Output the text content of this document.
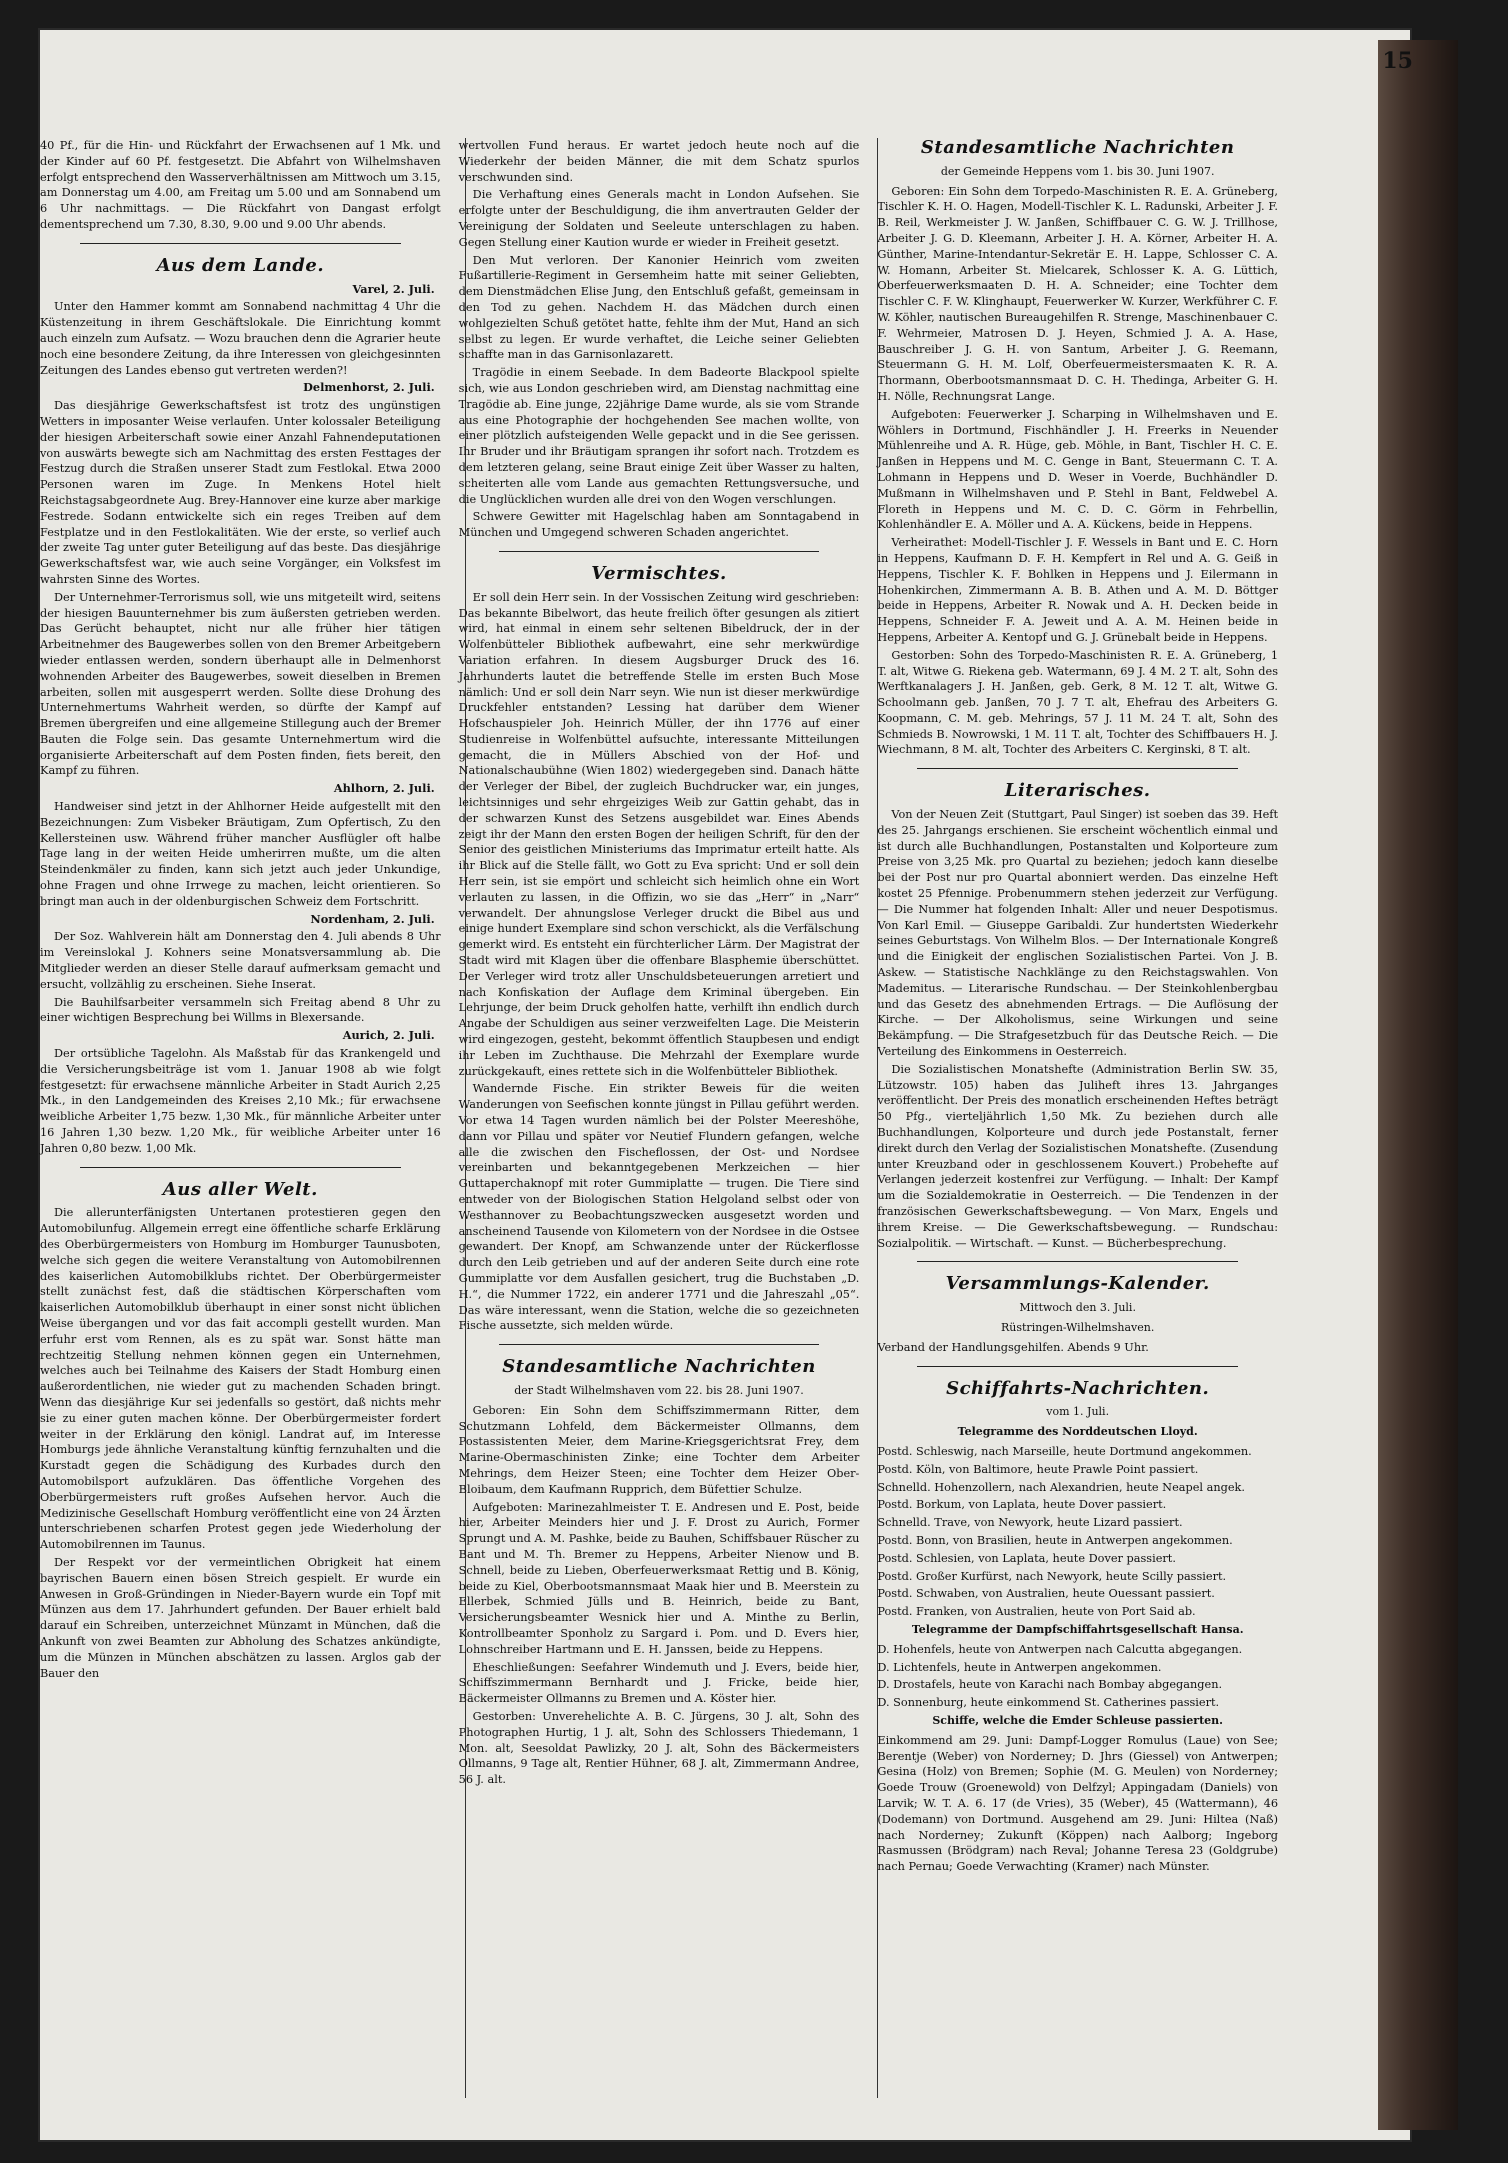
15

40 Pf., für die Hin- und Rückfahrt der Erwachsenen auf 1 Mk. und der Kinder auf 60 Pf. festgesetzt. Die Abfahrt von Wilhelmshaven erfolgt entsprechend den Wasserverhältnissen am Mittwoch um 3.15, am Donnerstag um 4.00, am Freitag um 5.00 und am Sonnabend um 6 Uhr nachmittags. — Die Rückfahrt von Dangast erfolgt dementsprechend um 7.30, 8.30, 9.00 und 9.00 Uhr abends.

Aus dem Lande.
Varel, 2. Juli.

Unter den Hammer kommt am Sonnabend nachmittag 4 Uhr die Küstenzeitung in ihrem Geschäftslokale. Die Einrichtung kommt auch einzeln zum Aufsatz. — Wozu brauchen denn die Agrarier heute noch eine besondere Zeitung, da ihre Interessen von gleichgesinnten Zeitungen des Landes ebenso gut vertreten werden?!

Delmenhorst, 2. Juli.

Das diesjährige Gewerkschaftsfest ist trotz des ungünstigen Wetters in imposanter Weise verlaufen. Unter kolossaler Beteiligung der hiesigen Arbeiterschaft sowie einer Anzahl Fahnendeputationen von auswärts bewegte sich am Nachmittag des ersten Festtages der Festzug durch die Straßen unserer Stadt zum Festlokal. Etwa 2000 Personen waren im Zuge. In Menkens Hotel hielt Reichstagsabgeordnete Aug. Brey-Hannover eine kurze aber markige Festrede. Sodann entwickelte sich ein reges Treiben auf dem Festplatze und in den Festlokalitäten. Wie der erste, so verlief auch der zweite Tag unter guter Beteiligung auf das beste. Das diesjährige Gewerkschaftsfest war, wie auch seine Vorgänger, ein Volksfest im wahrsten Sinne des Wortes.

Der Unternehmer-Terrorismus soll, wie uns mitgeteilt wird, seitens der hiesigen Bauunternehmer bis zum äußersten getrieben werden. Das Gerücht behauptet, nicht nur alle früher hier tätigen Arbeitnehmer des Baugewerbes sollen von den Bremer Arbeitgebern wieder entlassen werden, sondern überhaupt alle in Delmenhorst wohnenden Arbeiter des Baugewerbes, soweit dieselben in Bremen arbeiten, sollen mit ausgesperrt werden. Sollte diese Drohung des Unternehmertums Wahrheit werden, so dürfte der Kampf auf Bremen übergreifen und eine allgemeine Stillegung auch der Bremer Bauten die Folge sein. Das gesamte Unternehmertum wird die organisierte Arbeiterschaft auf dem Posten finden, fiets bereit, den Kampf zu führen.

Ahlhorn, 2. Juli.

Handweiser sind jetzt in der Ahlhorner Heide aufgestellt mit den Bezeichnungen: Zum Visbeker Bräutigam, Zum Opfertisch, Zu den Kellersteinen usw. Während früher mancher Ausflügler oft halbe Tage lang in der weiten Heide umherirren mußte, um die alten Steindenkmäler zu finden, kann sich jetzt auch jeder Unkundige, ohne Fragen und ohne Irrwege zu machen, leicht orientieren. So bringt man auch in der oldenburgischen Schweiz dem Fortschritt.

Nordenham, 2. Juli.

Der Soz. Wahlverein hält am Donnerstag den 4. Juli abends 8 Uhr im Vereinslokal J. Kohners seine Monatsversammlung ab. Die Mitglieder werden an dieser Stelle darauf aufmerksam gemacht und ersucht, vollzählig zu erscheinen. Siehe Inserat.

Die Bauhilfsarbeiter versammeln sich Freitag abend 8 Uhr zu einer wichtigen Besprechung bei Willms in Blexersande.

Aurich, 2. Juli.

Der ortsübliche Tagelohn. Als Maßstab für das Krankengeld und die Versicherungsbeiträge ist vom 1. Januar 1908 ab wie folgt festgesetzt: für erwachsene männliche Arbeiter in Stadt Aurich 2,25 Mk., in den Landgemeinden des Kreises 2,10 Mk.; für erwachsene weibliche Arbeiter 1,75 bezw. 1,30 Mk., für männliche Arbeiter unter 16 Jahren 1,30 bezw. 1,20 Mk., für weibliche Arbeiter unter 16 Jahren 0,80 bezw. 1,00 Mk.

Aus aller Welt.

Die allerunterfänigsten Untertanen protestieren gegen den Automobilunfug. Allgemein erregt eine öffentliche scharfe Erklärung des Oberbürgermeisters von Homburg im Homburger Taunusboten, welche sich gegen die weitere Veranstaltung von Automobilrennen des kaiserlichen Automobilklubs richtet. Der Oberbürgermeister stellt zunächst fest, daß die städtischen Körperschaften vom kaiserlichen Automobilklub überhaupt in einer sonst nicht üblichen Weise übergangen und vor das fait accompli gestellt wurden. Man erfuhr erst vom Rennen, als es zu spät war. Sonst hätte man rechtzeitig Stellung nehmen können gegen ein Unternehmen, welches auch bei Teilnahme des Kaisers der Stadt Homburg einen außerordentlichen, nie wieder gut zu machenden Schaden bringt. Wenn das diesjährige Kur sei jedenfalls so gestört, daß nichts mehr sie zu einer guten machen könne. Der Oberbürgermeister fordert weiter in der Erklärung den königl. Landrat auf, im Interesse Homburgs jede ähnliche Veranstaltung künftig fernzuhalten und die Kurstadt gegen die Schädigung des Kurbades durch den Automobilsport aufzuklären. Das öffentliche Vorgehen des Oberbürgermeisters ruft großes Aufsehen hervor. Auch die Medizinische Gesellschaft Homburg veröffentlicht eine von 24 Ärzten unterschriebenen scharfen Protest gegen jede Wiederholung der Automobilrennen im Taunus.

Der Respekt vor der vermeintlichen Obrigkeit hat einem bayrischen Bauern einen bösen Streich gespielt. Er wurde ein Anwesen in Groß-Gründingen in Nieder-Bayern wurde ein Topf mit Münzen aus dem 17. Jahrhundert gefunden. Der Bauer erhielt bald darauf ein Schreiben, unterzeichnet Münzamt in München, daß die Ankunft von zwei Beamten zur Abholung des Schatzes ankündigte, um die Münzen in München abschätzen zu lassen. Arglos gab der Bauer den

wertvollen Fund heraus. Er wartet jedoch heute noch auf die Wiederkehr der beiden Männer, die mit dem Schatz spurlos verschwunden sind.

Die Verhaftung eines Generals macht in London Aufsehen. Sie erfolgte unter der Beschuldigung, die ihm anvertrauten Gelder der Vereinigung der Soldaten und Seeleute unterschlagen zu haben. Gegen Stellung einer Kaution wurde er wieder in Freiheit gesetzt.

Den Mut verloren. Der Kanonier Heinrich vom zweiten Fußartillerie-Regiment in Gersemheim hatte mit seiner Geliebten, dem Dienstmädchen Elise Jung, den Entschluß gefaßt, gemeinsam in den Tod zu gehen. Nachdem H. das Mädchen durch einen wohlgezielten Schuß getötet hatte, fehlte ihm der Mut, Hand an sich selbst zu legen. Er wurde verhaftet, die Leiche seiner Geliebten schaffte man in das Garnisonlazarett.

Tragödie in einem Seebade. In dem Badeorte Blackpool spielte sich, wie aus London geschrieben wird, am Dienstag nachmittag eine Tragödie ab. Eine junge, 22jährige Dame wurde, als sie vom Strande aus eine Photographie der hochgehenden See machen wollte, von einer plötzlich aufsteigenden Welle gepackt und in die See gerissen. Ihr Bruder und ihr Bräutigam sprangen ihr sofort nach. Trotzdem es dem letzteren gelang, seine Braut einige Zeit über Wasser zu halten, scheiterten alle vom Lande aus gemachten Rettungsversuche, und die Unglücklichen wurden alle drei von den Wogen verschlungen.

Schwere Gewitter mit Hagelschlag haben am Sonntagabend in München und Umgegend schweren Schaden angerichtet.

Vermischtes.

Er soll dein Herr sein. In der Vossischen Zeitung wird geschrieben: Das bekannte Bibelwort, das heute freilich öfter gesungen als zitiert wird, hat einmal in einem sehr seltenen Bibeldruck, der in der Wolfenbütteler Bibliothek aufbewahrt, eine sehr merkwürdige Variation erfahren. In diesem Augsburger Druck des 16. Jahrhunderts lautet die betreffende Stelle im ersten Buch Mose nämlich: Und er soll dein Narr seyn. Wie nun ist dieser merkwürdige Druckfehler entstanden? Lessing hat darüber dem Wiener Hofschauspieler Joh. Heinrich Müller, der ihn 1776 auf einer Studienreise in Wolfenbüttel aufsuchte, interessante Mitteilungen gemacht, die in Müllers Abschied von der Hof- und Nationalschaubühne (Wien 1802) wiedergegeben sind. Danach hätte der Verleger der Bibel, der zugleich Buchdrucker war, ein junges, leichtsinniges und sehr ehrgeiziges Weib zur Gattin gehabt, das in der schwarzen Kunst des Setzens ausgebildet war. Eines Abends zeigt ihr der Mann den ersten Bogen der heiligen Schrift, für den der Senior des geistlichen Ministeriums das Imprimatur erteilt hatte. Als ihr Blick auf die Stelle fällt, wo Gott zu Eva spricht: Und er soll dein Herr sein, ist sie empört und schleicht sich heimlich ohne ein Wort verlauten zu lassen, in die Offizin, wo sie das „Herr“ in „Narr“ verwandelt. Der ahnungslose Verleger druckt die Bibel aus und einige hundert Exemplare sind schon verschickt, als die Verfälschung gemerkt wird. Es entsteht ein fürchterlicher Lärm. Der Magistrat der Stadt wird mit Klagen über die offenbare Blasphemie überschüttet. Der Verleger wird trotz aller Unschuldsbeteuerungen arretiert und nach Konfiskation der Auflage dem Kriminal übergeben. Ein Lehrjunge, der beim Druck geholfen hatte, verhilft ihn endlich durch Angabe der Schuldigen aus seiner verzweifelten Lage. Die Meisterin wird eingezogen, gesteht, bekommt öffentlich Staupbesen und endigt ihr Leben im Zuchthause. Die Mehrzahl der Exemplare wurde zurückgekauft, eines rettete sich in die Wolfenbütteler Bibliothek.

Wandernde Fische. Ein strikter Beweis für die weiten Wanderungen von Seefischen konnte jüngst in Pillau geführt werden. Vor etwa 14 Tagen wurden nämlich bei der Polster Meereshöhe, dann vor Pillau und später vor Neutief Flundern gefangen, welche alle die zwischen den Fischeflossen, der Ost- und Nordsee vereinbarten und bekanntgegebenen Merkzeichen — hier Guttaperchaknopf mit roter Gummiplatte — trugen. Die Tiere sind entweder von der Biologischen Station Helgoland selbst oder von Westhannover zu Beobachtungszwecken ausgesetzt worden und anscheinend Tausende von Kilometern von der Nordsee in die Ostsee gewandert. Der Knopf, am Schwanzende unter der Rückerflosse durch den Leib getrieben und auf der anderen Seite durch eine rote Gummiplatte vor dem Ausfallen gesichert, trug die Buchstaben „D. H.“, die Nummer 1722, ein anderer 1771 und die Jahreszahl „05“. Das wäre interessant, wenn die Station, welche die so gezeichneten Fische aussetzte, sich melden würde.

Standesamtliche Nachrichten
der Stadt Wilhelmshaven vom 22. bis 28. Juni 1907.

Geboren: Ein Sohn dem Schiffszimmermann Ritter, dem Schutzmann Lohfeld, dem Bäckermeister Ollmanns, dem Postassistenten Meier, dem Marine-Kriegsgerichtsrat Frey, dem Marine-Obermaschinisten Zinke; eine Tochter dem Arbeiter Mehrings, dem Heizer Steen; eine Tochter dem Heizer Ober-Bloibaum, dem Kaufmann Rupprich, dem Büfettier Schulze.

Aufgeboten: Marinezahlmeister T. E. Andresen und E. Post, beide hier, Arbeiter Meinders hier und J. F. Drost zu Aurich, Former Sprungt und A. M. Pashke, beide zu Bauhen, Schiffsbauer Rüscher zu Bant und M. Th. Bremer zu Heppens, Arbeiter Nienow und B. Schnell, beide zu Lieben, Oberfeuerwerksmaat Rettig und B. König, beide zu Kiel, Oberbootsmannsmaat Maak hier und B. Meerstein zu Ellerbek, Schmied Jülls und B. Heinrich, beide zu Bant, Versicherungsbeamter Wesnick hier und A. Minthe zu Berlin, Kontrollbeamter Sponholz zu Sargard i. Pom. und D. Evers hier, Lohnschreiber Hartmann und E. H. Janssen, beide zu Heppens.

Eheschließungen: Seefahrer Windemuth und J. Evers, beide hier, Schiffszimmermann Bernhardt und J. Fricke, beide hier, Bäckermeister Ollmanns zu Bremen und A. Köster hier.

Gestorben: Unverehelichte A. B. C. Jürgens, 30 J. alt, Sohn des Photographen Hurtig, 1 J. alt, Sohn des Schlossers Thiedemann, 1 Mon. alt, Seesoldat Pawlizky, 20 J. alt, Sohn des Bäckermeisters Ollmanns, 9 Tage alt, Rentier Hühner, 68 J. alt, Zimmermann Andree, 56 J. alt.

Standesamtliche Nachrichten
der Gemeinde Heppens vom 1. bis 30. Juni 1907.

Geboren: Ein Sohn dem Torpedo-Maschinisten R. E. A. Grüneberg, Tischler K. H. O. Hagen, Modell-Tischler K. L. Radunski, Arbeiter J. F. B. Reil, Werkmeister J. W. Janßen, Schiffbauer C. G. W. J. Trillhose, Arbeiter J. G. D. Kleemann, Arbeiter J. H. A. Körner, Arbeiter H. A. Günther, Marine-Intendantur-Sekretär E. H. Lappe, Schlosser C. A. W. Homann, Arbeiter St. Mielcarek, Schlosser K. A. G. Lüttich, Oberfeuerwerksmaaten D. H. A. Schneider; eine Tochter dem Tischler C. F. W. Klinghaupt, Feuerwerker W. Kurzer, Werkführer C. F. W. Köhler, nautischen Bureaugehilfen R. Strenge, Maschinenbauer C. F. Wehrmeier, Matrosen D. J. Heyen, Schmied J. A. A. Hase, Bauschreiber J. G. H. von Santum, Arbeiter J. G. Reemann, Steuermann G. H. M. Lolf, Oberfeuermeistersmaaten K. R. A. Thormann, Oberbootsmannsmaat D. C. H. Thedinga, Arbeiter G. H. H. Nölle, Rechnungsrat Lange.

Aufgeboten: Feuerwerker J. Scharping in Wilhelmshaven und E. Wöhlers in Dortmund, Fischhändler J. H. Freerks in Neuender Mühlenreihe und A. R. Hüge, geb. Möhle, in Bant, Tischler H. C. E. Janßen in Heppens und M. C. Genge in Bant, Steuermann C. T. A. Lohmann in Heppens und D. Weser in Voerde, Buchhändler D. Mußmann in Wilhelmshaven und P. Stehl in Bant, Feldwebel A. Floreth in Heppens und M. C. D. C. Görm in Fehrbellin, Kohlenhändler E. A. Möller und A. A. Kückens, beide in Heppens.

Verheirathet: Modell-Tischler J. F. Wessels in Bant und E. C. Horn in Heppens, Kaufmann D. F. H. Kempfert in Rel und A. G. Geiß in Heppens, Tischler K. F. Bohlken in Heppens und J. Eilermann in Hohenkirchen, Zimmermann A. B. B. Athen und A. M. D. Böttger beide in Heppens, Arbeiter R. Nowak und A. H. Decken beide in Heppens, Schneider F. A. Jeweit und A. A. M. Heinen beide in Heppens, Arbeiter A. Kentopf und G. J. Grünebalt beide in Heppens.

Gestorben: Sohn des Torpedo-Maschinisten R. E. A. Grüneberg, 1 T. alt, Witwe G. Riekena geb. Watermann, 69 J. 4 M. 2 T. alt, Sohn des Werftkanalagers J. H. Janßen, geb. Gerk, 8 M. 12 T. alt, Witwe G. Schoolmann geb. Janßen, 70 J. 7 T. alt, Ehefrau des Arbeiters G. Koopmann, C. M. geb. Mehrings, 57 J. 11 M. 24 T. alt, Sohn des Schmieds B. Nowrowski, 1 M. 11 T. alt, Tochter des Schiffbauers H. J. Wiechmann, 8 M. alt, Tochter des Arbeiters C. Kerginski, 8 T. alt.

Literarisches.

Von der Neuen Zeit (Stuttgart, Paul Singer) ist soeben das 39. Heft des 25. Jahrgangs erschienen. Sie erscheint wöchentlich einmal und ist durch alle Buchhandlungen, Postanstalten und Kolporteure zum Preise von 3,25 Mk. pro Quartal zu beziehen; jedoch kann dieselbe bei der Post nur pro Quartal abonniert werden. Das einzelne Heft kostet 25 Pfennige. Probenummern stehen jederzeit zur Verfügung. — Die Nummer hat folgenden Inhalt: Aller und neuer Despotismus. Von Karl Emil. — Giuseppe Garibaldi. Zur hundertsten Wiederkehr seines Geburtstags. Von Wilhelm Blos. — Der Internationale Kongreß und die Einigkeit der englischen Sozialistischen Partei. Von J. B. Askew. — Statistische Nachklänge zu den Reichstagswahlen. Von Mademitus. — Literarische Rundschau. — Der Steinkohlenbergbau und das Gesetz des abnehmenden Ertrags. — Die Auflösung der Kirche. — Der Alkoholismus, seine Wirkungen und seine Bekämpfung. — Die Strafgesetzbuch für das Deutsche Reich. — Die Verteilung des Einkommens in Oesterreich.

Die Sozialistischen Monatshefte (Administration Berlin SW. 35, Lützowstr. 105) haben das Juliheft ihres 13. Jahrganges veröffentlicht. Der Preis des monatlich erscheinenden Heftes beträgt 50 Pfg., vierteljährlich 1,50 Mk. Zu beziehen durch alle Buchhandlungen, Kolporteure und durch jede Postanstalt, ferner direkt durch den Verlag der Sozialistischen Monatshefte. (Zusendung unter Kreuzband oder in geschlossenem Kouvert.) Probehefte auf Verlangen jederzeit kostenfrei zur Verfügung. — Inhalt: Der Kampf um die Sozialdemokratie in Oesterreich. — Die Tendenzen in der französischen Gewerkschaftsbewegung. — Von Marx, Engels und ihrem Kreise. — Die Gewerkschaftsbewegung. — Rundschau: Sozialpolitik. — Wirtschaft. — Kunst. — Bücherbesprechung.

Versammlungs-Kalender.
Mittwoch den 3. Juli.
Rüstringen-Wilhelmshaven.

Verband der Handlungsgehilfen. Abends 9 Uhr.

Schiffahrts-Nachrichten.
vom 1. Juli.
Telegramme des Norddeutschen Lloyd.

Postd. Schleswig, nach Marseille, heute Dortmund angekommen.

Postd. Köln, von Baltimore, heute Prawle Point passiert.

Schnelld. Hohenzollern, nach Alexandrien, heute Neapel angek.

Postd. Borkum, von Laplata, heute Dover passiert.

Schnelld. Trave, von Newyork, heute Lizard passiert.

Postd. Bonn, von Brasilien, heute in Antwerpen angekommen.

Postd. Schlesien, von Laplata, heute Dover passiert.

Postd. Großer Kurfürst, nach Newyork, heute Scilly passiert.

Postd. Schwaben, von Australien, heute Ouessant passiert.

Postd. Franken, von Australien, heute von Port Said ab.

Telegramme der Dampfschiffahrtsgesellschaft Hansa.

D. Hohenfels, heute von Antwerpen nach Calcutta abgegangen.

D. Lichtenfels, heute in Antwerpen angekommen.

D. Drostafels, heute von Karachi nach Bombay abgegangen.

D. Sonnenburg, heute einkommend St. Catherines passiert.

Schiffe, welche die Emder Schleuse passierten.

Einkommend am 29. Juni: Dampf-Logger Romulus (Laue) von See; Berentje (Weber) von Norderney; D. Jhrs (Giessel) von Antwerpen; Gesina (Holz) von Bremen; Sophie (M. G. Meulen) von Norderney; Goede Trouw (Groenewold) von Delfzyl; Appingadam (Daniels) von Larvik; W. T. A. 6. 17 (de Vries), 35 (Weber), 45 (Wattermann), 46 (Dodemann) von Dortmund. Ausgehend am 29. Juni: Hiltea (Naß) nach Norderney; Zukunft (Köppen) nach Aalborg; Ingeborg Rasmussen (Brödgram) nach Reval; Johanne Teresa 23 (Goldgrube) nach Pernau; Goede Verwachting (Kramer) nach Münster.
